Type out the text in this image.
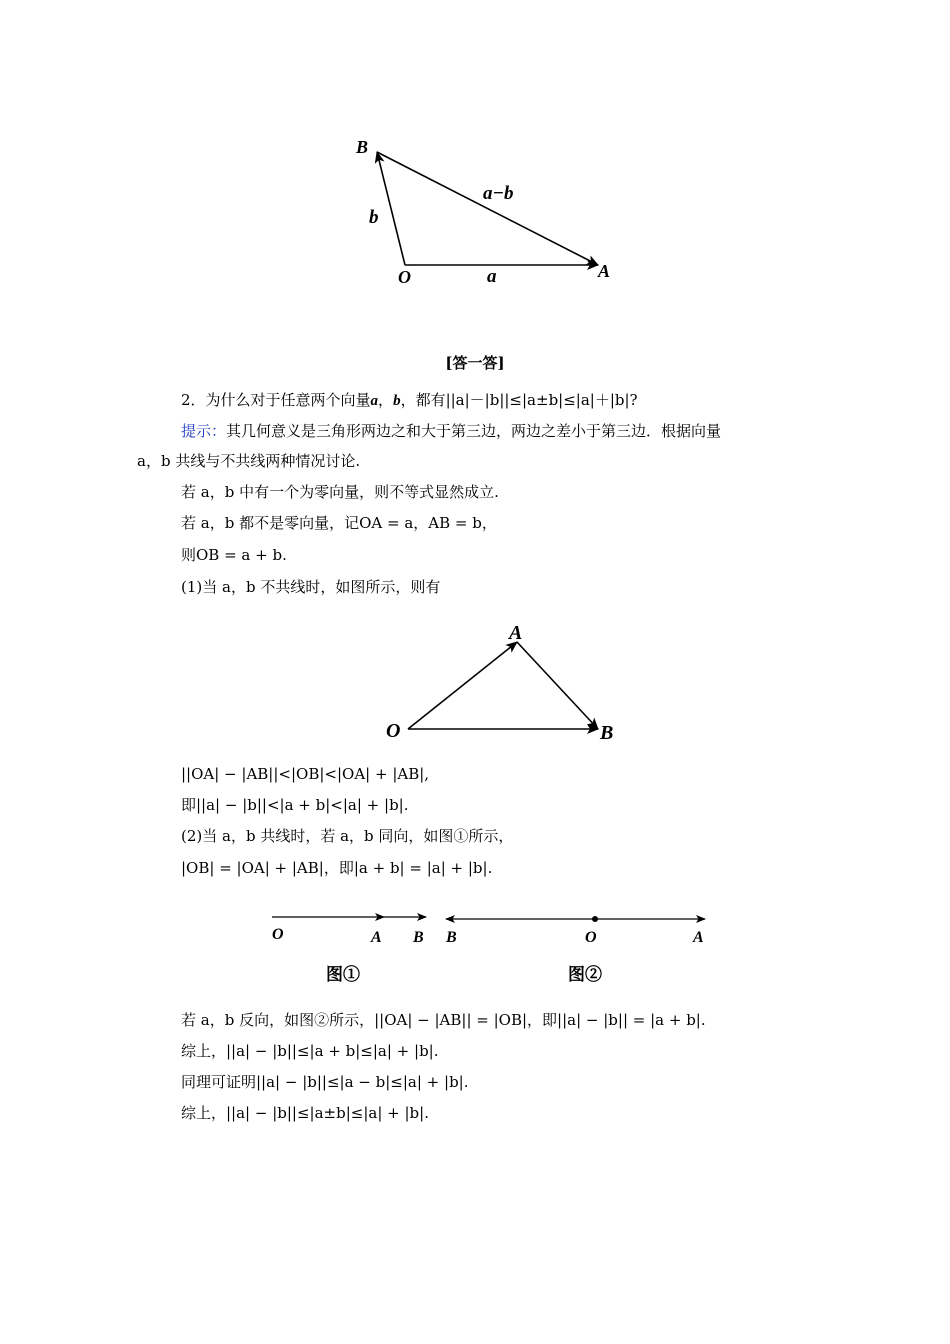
B
O	A
a
b
a−b
[答一答]
2．为什么对于任意两个向量a，b，都有||a|－|b||≤|a±b|≤|a|＋|b|?
提示：其几何意义是三角形两边之和大于第三边，两边之差小于第三边．根据向量
a，b 共线与不共线两种情况讨论.
若 a，b 中有一个为零向量，则不等式显然成立.
若 a，b 都不是零向量，记OA = a，AB = b，
则OB = a + b.
(1)当 a，b 不共线时，如图所示，则有
A
O	B
||OA| − |AB||<|OB|<|OA| + |AB|,
即||a| − |b||<|a + b|<|a| + |b|.
(2)当 a，b 共线时，若 a，b 同向，如图①所示，
|OB| = |OA| + |AB|，即|a + b| = |a| + |b|.
O	A B
图①
B	O	A
图②
若 a，b 反向，如图②所示，||OA| − |AB|| = |OB|，即||a| − |b|| = |a + b|.
综上，||a| − |b||≤|a + b|≤|a| + |b|.
同理可证明||a| − |b||≤|a − b|≤|a| + |b|.
综上，||a| − |b||≤|a±b|≤|a| + |b|.
